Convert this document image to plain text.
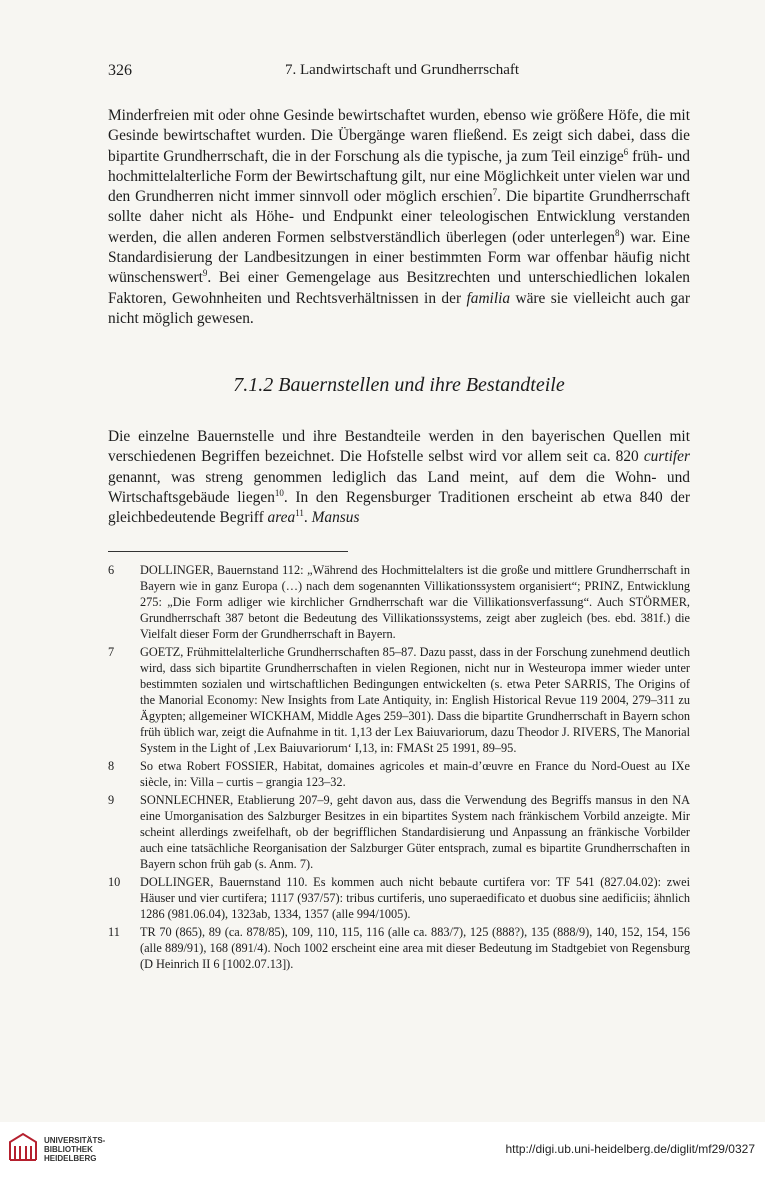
326	7. Landwirtschaft und Grundherrschaft

Minderfreien mit oder ohne Gesinde bewirtschaftet wurden, ebenso wie größere Höfe, die mit Gesinde bewirtschaftet wurden. Die Übergänge waren fließend. Es zeigt sich dabei, dass die bipartite Grundherrschaft, die in der Forschung als die typische, ja zum Teil einzige$^6$ früh- und hochmittelalterliche Form der Bewirtschaftung gilt, nur eine Möglichkeit unter vielen war und den Grundherren nicht immer sinnvoll oder möglich erschien$^7$. Die bipartite Grundherrschaft sollte daher nicht als Höhe- und Endpunkt einer teleologischen Entwicklung verstanden werden, die allen anderen Formen selbstverständlich überlegen (oder unterlegen$^8$) war. Eine Standardisierung der Landbesitzungen in einer bestimmten Form war offenbar häufig nicht wünschenswert$^9$. Bei einer Gemengelage aus Besitzrechten und unterschiedlichen lokalen Faktoren, Gewohnheiten und Rechtsverhältnissen in der familia wäre sie vielleicht auch gar nicht möglich gewesen.

7.1.2 Bauernstellen und ihre Bestandteile

Die einzelne Bauernstelle und ihre Bestandteile werden in den bayerischen Quellen mit verschiedenen Begriffen bezeichnet. Die Hofstelle selbst wird vor allem seit ca. 820 curtifer genannt, was streng genommen lediglich das Land meint, auf dem die Wohn- und Wirtschaftsgebäude liegen$^{10}$. In den Regensburger Traditionen erscheint ab etwa 840 der gleichbedeutende Begriff area$^{11}$. Mansus

6	DOLLINGER, Bauernstand 112: „Während des Hochmittelalters ist die große und mittlere Grundherrschaft in Bayern wie in ganz Europa (…) nach dem sogenannten Villikationssystem organisiert“; PRINZ, Entwicklung 275: „Die Form adliger wie kirchlicher Grndherrschaft war die Villikationsverfassung“. Auch STÖRMER, Grundherrschaft 387 betont die Bedeutung des Villikationssystems, zeigt aber zugleich (bes. ebd. 381f.) die Vielfalt dieser Form der Grundherrschaft in Bayern.
7	GOETZ, Frühmittelalterliche Grundherrschaften 85–87. Dazu passt, dass in der Forschung zunehmend deutlich wird, dass sich bipartite Grundherrschaften in vielen Regionen, nicht nur in Westeuropa immer wieder unter bestimmten sozialen und wirtschaftlichen Bedingungen entwickelten (s. etwa Peter SARRIS, The Origins of the Manorial Economy: New Insights from Late Antiquity, in: English Historical Revue 119 2004, 279–311 zu Ägypten; allgemeiner WICKHAM, Middle Ages 259–301). Dass die bipartite Grundherrschaft in Bayern schon früh üblich war, zeigt die Aufnahme in tit. 1,13 der Lex Baiuvariorum, dazu Theodor J. RIVERS, The Manorial System in the Light of ‚Lex Baiuvariorum‘ I,13, in: FMASt 25 1991, 89–95.
8	So etwa Robert FOSSIER, Habitat, domaines agricoles et main-d’œuvre en France du Nord-Ouest au IXe siècle, in: Villa – curtis – grangia 123–32.
9	SONNLECHNER, Etablierung 207–9, geht davon aus, dass die Verwendung des Begriffs mansus in den NA eine Umorganisation des Salzburger Besitzes in ein bipartites System nach fränkischem Vorbild anzeigte. Mir scheint allerdings zweifelhaft, ob der begrifflichen Standardisierung und Anpassung an fränkische Vorbilder auch eine tatsächliche Reorganisation der Salzburger Güter entsprach, zumal es bipartite Grundherrschaften in Bayern schon früh gab (s. Anm. 7).
10	DOLLINGER, Bauernstand 110. Es kommen auch nicht bebaute curtifera vor: TF 541 (827.04.02): zwei Häuser und vier curtifera; 1117 (937/57): tribus curtiferis, uno superaedificato et duobus sine aedificiis; ähnlich 1286 (981.06.04), 1323ab, 1334, 1357 (alle 994/1005).
11	TR 70 (865), 89 (ca. 878/85), 109, 110, 115, 116 (alle ca. 883/7), 125 (888?), 135 (888/9), 140, 152, 154, 156 (alle 889/91), 168 (891/4). Noch 1002 erscheint eine area mit dieser Bedeutung im Stadtgebiet von Regensburg (D Heinrich II 6 [1002.07.13]).
UNIVERSITÄTS-
BIBLIOTHEK
HEIDELBERG
http://digi.ub.uni-heidelberg.de/diglit/mf29/0327
